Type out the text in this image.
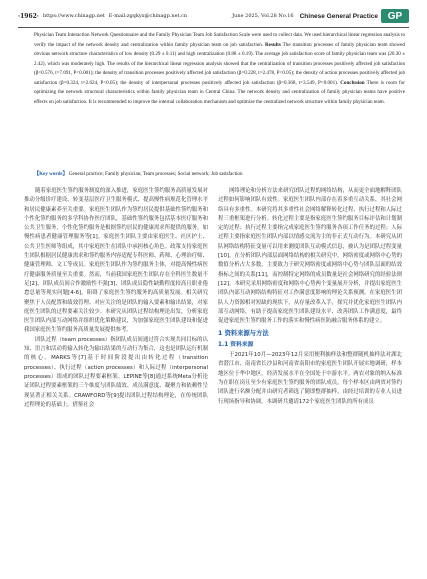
·1962· https://www.chinagp.net E-mail:zgqkyx@chinagp.net.cn	June 2025, Vol.28 No.16 Chinese General Practice GP
Physician Team Interaction Network Questionnaire and the Family Physician Team Job Satisfaction Scale were used to collect data. We used hierarchical linear regression analysis to verify the impact of the network density and centralization within family physician team on job satisfaction. Results The transition processes of family physician team showed obvious network structure characteristics of low density (0.29 ± 0.11) and high centralization (0.88 ± 0.19). The average job satisfaction score of family physician team was (20.30 ± 2.42), which was moderately high. The results of the hierarchical linear regression analysis showed that the centralization of transition processes positively affected job satisfaction (β=0.576, t=7.091, P<0.001); the density of transition processes positively affected job satisfaction (β=0.228, t=2.478, P<0.05); the density of action processes positively affected job satisfaction (β=0.324, t=2.624, P<0.05); the density of interpersonal processes positively affected job satisfaction (β=0.368, t=3.549, P<0.001). Conclusion There is room for optimizing the network structural characteristics within family physician team in Central China. The network density and centralization of family physician teams have positive effects on job satisfaction. It is recommended to improve the internal collaboration mechanism and optimize the centralized network structure within family physician team.
【Key words】 General practice; Family physician; Team processes; Social network; Job satisfaction

随着家庭医生签约服务制度的深入推进，家庭医生签约服务高质量发展对推动分级诊疗建设、转变基层医疗卫生服务模式、提高慢性病规范化管理水平和居民健康素养至关重要。家庭医生团队作为签约居民提供基础性签约服务和个性化签约服务的多学科协作医疗团队，基础性签约服务包括基本医疗服务和公共卫生服务，个性化签约服务是根据签约居民的健康需求所提供的服务，如慢性病患者健康管理服务等[1]。家庭医生团队主要由家庭医生、社区护士、公共卫生医师等组成，其中家庭医生在团队中承担核心角色。政策支持家庭医生团队根据居民健康需求和签约服务内容适配专科医师、药师、心理治疗师、健康管理师、文工等成员。家庭医生团队作为签约服务主体，对提高慢性病医疗健康服务质量至关重要。然而，当前我国家庭医生团队存在全科医生数量不足[2]、团队成员间合作激励性不强[3]、团队成员隐性缺勤程度较高且职业倦怠总量等现实问题[4-6]，阻碍了家庭医生签约服务的高质量发展。相关研究聚焦于人员配置和绩效管理、对应关注的是团队的输入要素和输出结果，对家庭医生团队的过程要素关注较少。本研究从团队过程结构理论出发，分析家庭医生团队内部互动网络并组织优化策略建议，为加强家庭医生团队建设和促进我国家庭医生签约服务高质量发展提供参考。

团队过程（team processes）指团队成员间通过符合实现共同目标的认知、语言和活动将输入转化为输出结果的互动行为集合，这也是团队运行机制的核心。MARKS等[7]基于时间阶段提出由转化过程（transition processes）、执行过程（action processes）和人际过程（interpersonal processes）组成的团队过程要素框架。LEPINE等[8]通过系统Meta分析论证团队过程要素框架的三个维度与团队绩效、成员满意度、凝聚力和依赖性呈现显著正相关关系。CRAWFORD等[9]提出团队过程结构理论，在传统团队过程理论的基础上，借鉴社会

网络理论和分析方法来研究团队过程的网络结构，从而更全面地解释团队过程如何影响团队有效性。家庭医生团队内部存在着多重互动关系，其社会网络具有多重性。本研究将其多重性社会网络解释转化过程、执行过程和人际过程三重框架进行分析。转化过程主要是指家庭医生签约服务目标评估和计划制定的过程；执行过程主要指完成家庭医生签约服务各项工作任务的过程；人际过程主要指家庭医生团队内部以情感交流为主的非正式互动行为。本研究从团队网络结构特征变量可以用来测度团队互动模式信息，被认为是团队过程变量[10]。在分析团队内部层面网络结构的相关研究中，网络密度或网络中心势的数值分析占大多数，主要致力于研究网络密度或网络中心势与团队层面的结效指标之间的关系[11]，而控制特定网络的成员数量是社会网络研究的经验法则[12]。本研究采用网络密度和网络中心势两个变量展开分析，并提出家庭医生团队内部互动网络结构特征对工作满意度影响的理论关系预测。在家庭医生团队人力资源相对短缺的现状下，从存量改革入手，探究并优化家庭医生团队内部互动网络，有助于提高家庭医生团队建设水平、改善团队工作满意度，最终促进家庭医生签约服务工作的落实和慢性病医防融合服务体系的建立。

1 资料来源与方法
1.1 资料来源

于2021年10月—2023年12月采用便利抽样法和整群随机抽样法对湖北省潜江市、南南省长沙县和河南省南阳市的家庭医生团队开展实地调研，样本地区位于华中地区，经济发展水平在全国处于中游水平。两农对象的纳入标准为在职在岗且至少有家庭医生签约服务的团队成员，每个样本区由两省对签约团队进行名额分配并由研究者筛选了随即整群抽样，由经过培训的专业人员进行现场指导和协调。本调研共邀请172个家庭医生团队的所有成员
